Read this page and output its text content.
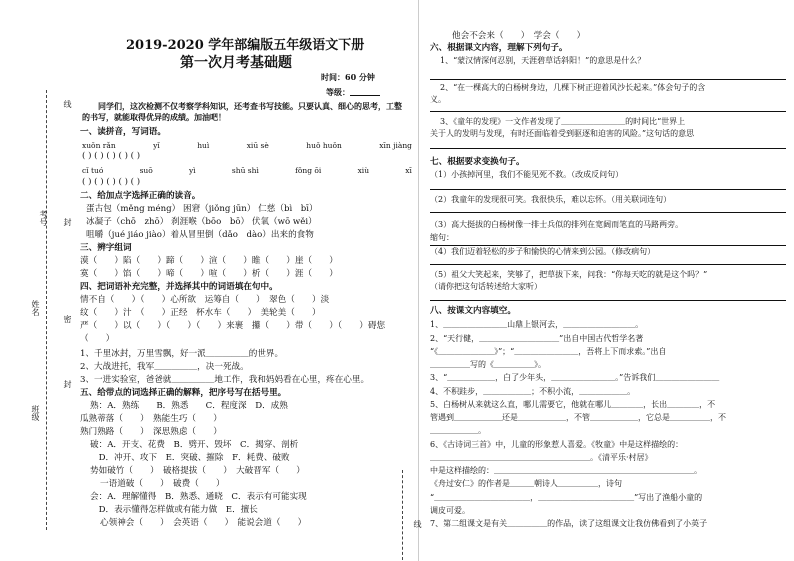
线
封
密
线
封
考号
姓名
班级
2019-2020 学年部编版五年级语文下册
第一次月考基础题
时间：60 分钟
等级：
同学们，这次检测不仅考察学科知识，还考查书写技能。只要认真、细心的思考，工整的书写，就能取得优异的成绩。加油吧！
一、读拼音，写词语。
xuǒn rǎn	yǐ	huì	xiū sè	huǒ huǒn	xīn jiàng
( ) ( ) ( ) ( ) ( )
cǐ tuó	suō	yì	shū shì	fǒng ōi	xiù	xī
( ) ( ) ( ) ( ) ( )
二、给加点字选择正确的读音。
蛋古包（měng méng） 困窘（jiǒng jūn） 仁慈（bì　bī）
冰凝子（chō　zhō） 刹涯喉（bōo　bō） 伏氧（wō wěi）
咀嚼（jué jiáo jiào）着从冒里倒（dǎo　dào）出来的食物
三、辨字组词
漠（　　）陷（　　）蹄（　　）渲（　　）睢（　　）崖（　　）
寞（　　）馅（　　）啼（　　）喧（　　）析（　　）涯（　　）
四、把词语补充完整，并选择其中的词语填在句中。
情不自（　　）（　　）心所欲　运筹自（　　）　翠色（　　）淡
纹（　　）汁　（　　）正经　杯水车（　　）　美轮美（　　）
严（　　）以（　　）（　　）（　　）来裹　攥（　　）带（　　）（　　）碍您
（　　）
1、千里冰封，万里雪飘，好一派＿＿＿＿＿的世界。
2、大战进托，我军＿＿＿＿＿，决一死战。
3、一进实验室，爸爸就＿＿＿＿＿地工作，我和妈妈看在心里，疼在心里。
五、给带点的词选择正确的解释，把序号写在括号里。
熟：A．熟练　　B．熟悉　　C．程度深　D．成熟
瓜熟蒂落（　　）　熟能生巧（　　）
熟门熟路（　　）　深思熟虑（　　）
破：A．开支、花费　B．劈开、毁坏　C．揭穿、剖析
　D．冲开、攻下　E．突破、摧除　F．耗费、破败
势如破竹（　　）　破格提拔（　　）　大破晋军（　　）
一语道破（　　）　破费（　　）
会：A．理解懂得　B．熟悉、通晓　C．表示有可能实现
　D．表示懂得怎样做或有能力做　E．擅长
心领神会（　　）　会英语（　　）　能说会道（　　）
他会不会来（　　）　学会（　　）
六、根据课文内容，理解下列句子。
1、“蒙汉情深何忍别，天涯碧草话斜阳！”的意思是什么？
2、“在一棵高大的白杨树身边，几棵下树正迎着风沙长起来。”体会句子的含
义。
3、《童年的发现》一文作者发现了＿＿＿＿＿＿＿＿的时间比“世界上
关于人的发明与发现，有时还面临着受到驱逐和迫害的风险。”这句话的意思
七、根据要求变换句子。
（1）小孩掉河里，我们不能见死不救。（改成反问句）
（2）我童年的发现很可笑。我很快乐，难以忘怀。（用关联词连句）
（3）高大挺拔的白杨树像一排士兵似的排列在宽阔而笔直的马路两旁。
缩句：
（4）我们迈着轻松的步子和愉快的心情来到公园。（修改病句）
（5）祖父大笑起来，笑够了，把草拔下来，问我：“你每天吃的就是这个吗？”
（请你把这句话转述给大家听）
八、按课文内容填空。
1、＿＿＿＿＿＿＿＿山鼎上银河去，＿＿＿＿＿＿＿＿＿。
2、“天行健，＿＿＿＿＿＿＿＿＿＿”出自中国古代哲学名著
“《＿＿＿＿＿＿＿》”；“＿＿＿＿＿＿＿＿，吾将上下而求索。”出自
＿＿＿＿＿写的《＿＿＿＿＿》。
3、“＿＿＿＿＿＿，白了少年头，＿＿＿＿＿＿＿＿。”告诉我们＿＿＿＿＿＿＿＿
4、不积跬步，＿＿＿＿＿＿；不积小流，＿＿＿＿＿＿。
5、白杨树从来就这么直，哪儿需要它，他就在哪儿＿＿＿＿，长出＿＿＿＿，不
管遇到＿＿＿＿＿＿还是＿＿＿＿＿＿，不管＿＿＿＿＿＿，它总是＿＿＿＿＿，不
＿＿＿＿＿＿。
6、《古诗词三首》中，儿童的形象惹人喜爱。《牧童》中是这样描绘的：
＿＿＿＿＿＿＿＿＿＿＿＿＿＿＿＿＿＿＿＿。《清平乐·村居》
中是这样描绘的：＿＿＿＿＿＿＿＿＿＿＿＿＿＿＿＿＿＿＿＿＿＿＿＿＿。
《舟过安仁》的作者是＿＿＿朝诗人＿＿＿＿＿，诗句
“＿＿＿＿＿＿＿＿＿＿＿＿，＿＿＿＿＿＿＿＿＿＿＿＿”写出了渔船小童的
调皮可爱。
7、第二组课文是有关＿＿＿＿＿的作品，读了这组课文让我仿佛看到了小英子
